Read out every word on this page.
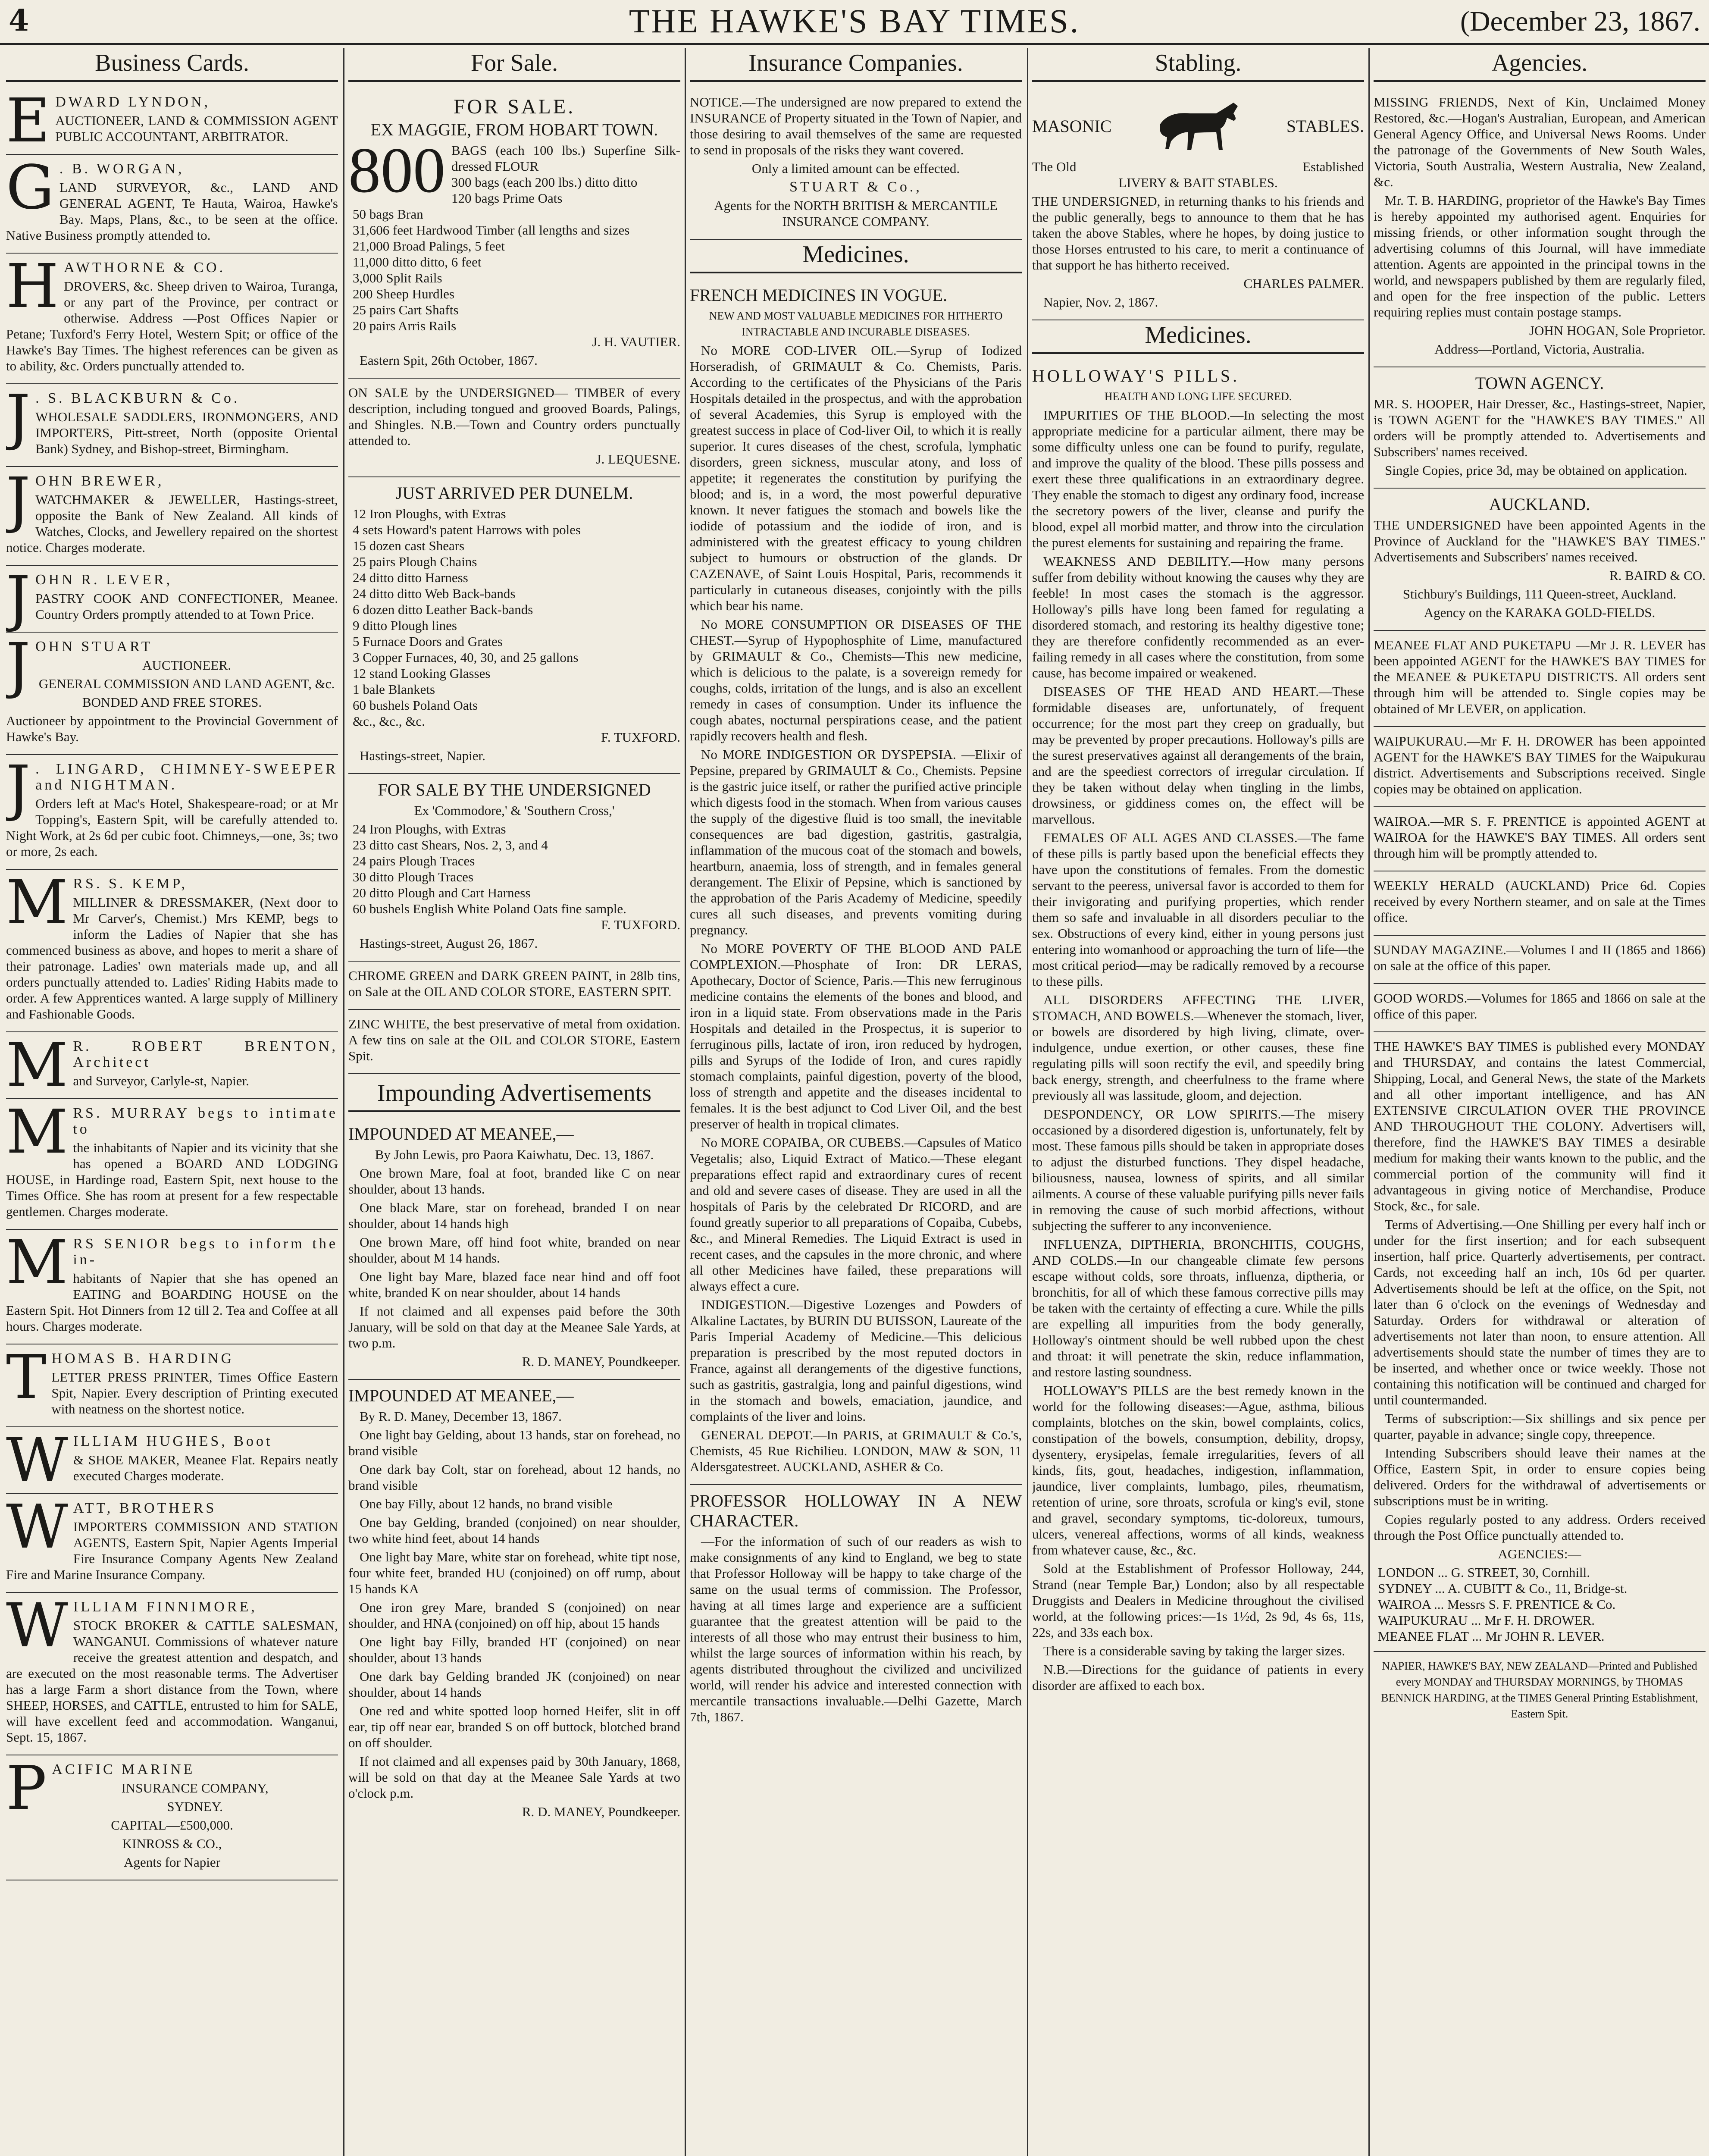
4	THE HAWKE'S BAY TIMES.	(December 23, 1867.
Business Cards.

EDWARD LYNDON,

AUCTIONEER, LAND & COMMISSION AGENT PUBLIC ACCOUNTANT, ARBITRATOR.

G . B. WORGAN,

LAND SURVEYOR, &c., LAND AND GENERAL AGENT, Te Hauta, Wairoa, Hawke's Bay. Maps, Plans, &c., to be seen at the office. Native Business promptly attended to.

HAWTHORNE & CO.

DROVERS, &c. Sheep driven to Wairoa, Turanga, or any part of the Province, per contract or otherwise. Address —Post Offices Napier or Petane; Tuxford's Ferry Hotel, Western Spit; or office of the Hawke's Bay Times. The highest references can be given as to ability, &c. Orders punctually attended to.

J . S. BLACKBURN & Co.

WHOLESALE SADDLERS, IRONMONGERS, AND IMPORTERS, Pitt-street, North (opposite Oriental Bank) Sydney, and Bishop-street, Birmingham.

JOHN BREWER,

WATCHMAKER & JEWELLER, Hastings-street, opposite the Bank of New Zealand. All kinds of Watches, Clocks, and Jewellery repaired on the shortest notice. Charges moderate.

JOHN R. LEVER,

PASTRY COOK AND CONFECTIONER, Meanee. Country Orders promptly attended to at Town Price.

JOHN STUART

AUCTIONEER.

GENERAL COMMISSION AND LAND AGENT, &c.

BONDED AND FREE STORES.

Auctioneer by appointment to the Provincial Government of Hawke's Bay.

J . LINGARD, CHIMNEY-SWEEPER and NIGHTMAN.

Orders left at Mac's Hotel, Shakespeare-road; or at Mr Topping's, Eastern Spit, will be carefully attended to. Night Work, at 2s 6d per cubic foot. Chimneys,—one, 3s; two or more, 2s each.

MRS. S. KEMP,

MILLINER & DRESSMAKER, (Next door to Mr Carver's, Chemist.) Mrs KEMP, begs to inform the Ladies of Napier that she has commenced business as above, and hopes to merit a share of their patronage. Ladies' own materials made up, and all orders punctually attended to. Ladies' Riding Habits made to order. A few Apprentices wanted. A large supply of Millinery and Fashionable Goods.

M R. ROBERT BRENTON, Architect

and Surveyor, Carlyle-st, Napier.

MRS. MURRAY begs to intimate to

the inhabitants of Napier and its vicinity that she has opened a BOARD AND LODGING HOUSE, in Hardinge road, Eastern Spit, next house to the Times Office. She has room at present for a few respectable gentlemen. Charges moderate.

MRS SENIOR begs to inform the in-

habitants of Napier that she has opened an EATING and BOARDING HOUSE on the Eastern Spit. Hot Dinners from 12 till 2. Tea and Coffee at all hours. Charges moderate.

THOMAS B. HARDING

LETTER PRESS PRINTER, Times Office Eastern Spit, Napier. Every description of Printing executed with neatness on the shortest notice.

WILLIAM HUGHES, Boot

& SHOE MAKER, Meanee Flat. Repairs neatly executed Charges moderate.

WATT, BROTHERS

IMPORTERS COMMISSION AND STATION AGENTS, Eastern Spit, Napier Agents Imperial Fire Insurance Company Agents New Zealand Fire and Marine Insurance Company.

WILLIAM FINNIMORE,

STOCK BROKER & CATTLE SALESMAN, WANGANUI. Commissions of whatever nature receive the greatest attention and despatch, and are executed on the most reasonable terms. The Advertiser has a large Farm a short distance from the Town, where SHEEP, HORSES, and CATTLE, entrusted to him for SALE, will have excellent feed and accommodation. Wanganui, Sept. 15, 1867.

PACIFIC MARINE

INSURANCE COMPANY,

SYDNEY.

CAPITAL—£500,000.

KINROSS & CO.,

Agents for Napier

For Sale.
FOR SALE.

EX MAGGIE, FROM HOBART TOWN.

800 BAGS (each 100 lbs.) Superfine Silk-dressed FLOUR
300 bags (each 200 lbs.) ditto ditto
120 bags Prime Oats
50 bags Bran
31,606 feet Hardwood Timber (all lengths and sizes
21,000 Broad Palings, 5 feet
11,000 ditto ditto, 6 feet
3,000 Split Rails
200 Sheep Hurdles
25 pairs Cart Shafts
20 pairs Arris Rails

J. H. VAUTIER.

Eastern Spit, 26th October, 1867.

ON SALE by the UNDERSIGNED— TIMBER of every description, including tongued and grooved Boards, Palings, and Shingles. N.B.—Town and Country orders punctually attended to.

J. LEQUESNE.

JUST ARRIVED PER DUNELM.

12 Iron Ploughs, with Extras
4 sets Howard's patent Harrows with poles
15 dozen cast Shears
25 pairs Plough Chains
24 ditto ditto Harness
24 ditto ditto Web Back-bands
6 dozen ditto Leather Back-bands
9 ditto Plough lines
5 Furnace Doors and Grates
3 Copper Furnaces, 40, 30, and 25 gallons
12 stand Looking Glasses
1 bale Blankets
60 bushels Poland Oats
&c., &c., &c.

F. TUXFORD.

Hastings-street, Napier.

FOR SALE BY THE UNDERSIGNED

Ex 'Commodore,' & 'Southern Cross,'

24 Iron Ploughs, with Extras
23 ditto cast Shears, Nos. 2, 3, and 4
24 pairs Plough Traces
30 ditto Plough Traces
20 ditto Plough and Cart Harness
60 bushels English White Poland Oats fine sample.

F. TUXFORD.

Hastings-street, August 26, 1867.

CHROME GREEN and DARK GREEN PAINT, in 28lb tins, on Sale at the OIL AND COLOR STORE, EASTERN SPIT.

ZINC WHITE, the best preservative of metal from oxidation. A few tins on sale at the OIL and COLOR STORE, Eastern Spit.

Impounding Advertisements

IMPOUNDED AT MEANEE,—

By John Lewis, pro Paora Kaiwhatu, Dec. 13, 1867.

One brown Mare, foal at foot, branded like C on near shoulder, about 13 hands.

One black Mare, star on forehead, branded I on near shoulder, about 14 hands high

One brown Mare, off hind foot white, branded on near shoulder, about M 14 hands.

One light bay Mare, blazed face near hind and off foot white, branded K on near shoulder, about 14 hands

If not claimed and all expenses paid before the 30th January, will be sold on that day at the Meanee Sale Yards, at two p.m.

R. D. MANEY, Poundkeeper.

IMPOUNDED AT MEANEE,—

By R. D. Maney, December 13, 1867.

One light bay Gelding, about 13 hands, star on forehead, no brand visible

One dark bay Colt, star on forehead, about 12 hands, no brand visible

One bay Filly, about 12 hands, no brand visible

One bay Gelding, branded (conjoined) on near shoulder, two white hind feet, about 14 hands

One light bay Mare, white star on forehead, white tipt nose, four white feet, branded HU (conjoined) on off rump, about 15 hands KA

One iron grey Mare, branded S (conjoined) on near shoulder, and HNA (conjoined) on off hip, about 15 hands

One light bay Filly, branded HT (conjoined) on near shoulder, about 13 hands

One dark bay Gelding branded JK (conjoined) on near shoulder, about 14 hands

One red and white spotted loop horned Heifer, slit in off ear, tip off near ear, branded S on off buttock, blotched brand on off shoulder.

If not claimed and all expenses paid by 30th January, 1868, will be sold on that day at the Meanee Sale Yards at two o'clock p.m.

R. D. MANEY, Poundkeeper.

Insurance Companies.

NOTICE.—The undersigned are now prepared to extend the INSURANCE of Property situated in the Town of Napier, and those desiring to avail themselves of the same are requested to send in proposals of the risks they want covered.

Only a limited amount can be effected.

STUART & Co.,

Agents for the NORTH BRITISH & MERCANTILE INSURANCE COMPANY.

Medicines.

FRENCH MEDICINES IN VOGUE.

NEW AND MOST VALUABLE MEDICINES FOR HITHERTO INTRACTABLE AND INCURABLE DISEASES.

No MORE COD-LIVER OIL.—Syrup of Iodized Horseradish, of GRIMAULT & Co. Chemists, Paris. According to the certificates of the Physicians of the Paris Hospitals detailed in the prospectus, and with the approbation of several Academies, this Syrup is employed with the greatest success in place of Cod-liver Oil, to which it is really superior. It cures diseases of the chest, scrofula, lymphatic disorders, green sickness, muscular atony, and loss of appetite; it regenerates the constitution by purifying the blood; and is, in a word, the most powerful depurative known. It never fatigues the stomach and bowels like the iodide of potassium and the iodide of iron, and is administered with the greatest efficacy to young children subject to humours or obstruction of the glands. Dr CAZENAVE, of Saint Louis Hospital, Paris, recommends it particularly in cutaneous diseases, conjointly with the pills which bear his name.

No MORE CONSUMPTION OR DISEASES OF THE CHEST.—Syrup of Hypophosphite of Lime, manufactured by GRIMAULT & Co., Chemists—This new medicine, which is delicious to the palate, is a sovereign remedy for coughs, colds, irritation of the lungs, and is also an excellent remedy in cases of consumption. Under its influence the cough abates, nocturnal perspirations cease, and the patient rapidly recovers health and flesh.

No MORE INDIGESTION OR DYSPEPSIA. —Elixir of Pepsine, prepared by GRIMAULT & Co., Chemists. Pepsine is the gastric juice itself, or rather the purified active principle which digests food in the stomach. When from various causes the supply of the digestive fluid is too small, the inevitable consequences are bad digestion, gastritis, gastralgia, inflammation of the mucous coat of the stomach and bowels, heartburn, anaemia, loss of strength, and in females general derangement. The Elixir of Pepsine, which is sanctioned by the approbation of the Paris Academy of Medicine, speedily cures all such diseases, and prevents vomiting during pregnancy.

No MORE POVERTY OF THE BLOOD AND PALE COMPLEXION.—Phosphate of Iron: DR LERAS, Apothecary, Doctor of Science, Paris.—This new ferruginous medicine contains the elements of the bones and blood, and iron in a liquid state. From observations made in the Paris Hospitals and detailed in the Prospectus, it is superior to ferruginous pills, lactate of iron, iron reduced by hydrogen, pills and Syrups of the Iodide of Iron, and cures rapidly stomach complaints, painful digestion, poverty of the blood, loss of strength and appetite and the diseases incidental to females. It is the best adjunct to Cod Liver Oil, and the best preserver of health in tropical climates.

No MORE COPAIBA, OR CUBEBS.—Capsules of Matico Vegetalis; also, Liquid Extract of Matico.—These elegant preparations effect rapid and extraordinary cures of recent and old and severe cases of disease. They are used in all the hospitals of Paris by the celebrated Dr RICORD, and are found greatly superior to all preparations of Copaiba, Cubebs, &c., and Mineral Remedies. The Liquid Extract is used in recent cases, and the capsules in the more chronic, and where all other Medicines have failed, these preparations will always effect a cure.

INDIGESTION.—Digestive Lozenges and Powders of Alkaline Lactates, by BURIN DU BUISSON, Laureate of the Paris Imperial Academy of Medicine.—This delicious preparation is prescribed by the most reputed doctors in France, against all derangements of the digestive functions, such as gastritis, gastralgia, long and painful digestions, wind in the stomach and bowels, emaciation, jaundice, and complaints of the liver and loins.

GENERAL DEPOT.—In PARIS, at GRIMAULT & Co.'s, Chemists, 45 Rue Richilieu. LONDON, MAW & SON, 11 Aldersgatestreet. AUCKLAND, ASHER & Co.

PROFESSOR HOLLOWAY IN A NEW CHARACTER.

—For the information of such of our readers as wish to make consignments of any kind to England, we beg to state that Professor Holloway will be happy to take charge of the same on the usual terms of commission. The Professor, having at all times large and experience are a sufficient guarantee that the greatest attention will be paid to the interests of all those who may entrust their business to him, whilst the large sources of information within his reach, by agents distributed throughout the civilized and uncivilized world, will render his advice and interested connection with mercantile transactions invaluable.—Delhi Gazette, March 7th, 1867.

Stabling.
MASONIC	STABLES.
The Old	Established

LIVERY & BAIT STABLES.

THE UNDERSIGNED, in returning thanks to his friends and the public generally, begs to announce to them that he has taken the above Stables, where he hopes, by doing justice to those Horses entrusted to his care, to merit a continuance of that support he has hitherto received.

CHARLES PALMER.

Napier, Nov. 2, 1867.

Medicines.

HOLLOWAY'S PILLS.

HEALTH AND LONG LIFE SECURED.

IMPURITIES OF THE BLOOD.—In selecting the most appropriate medicine for a particular ailment, there may be some difficulty unless one can be found to purify, regulate, and improve the quality of the blood. These pills possess and exert these three qualifications in an extraordinary degree. They enable the stomach to digest any ordinary food, increase the secretory powers of the liver, cleanse and purify the blood, expel all morbid matter, and throw into the circulation the purest elements for sustaining and repairing the frame.

WEAKNESS AND DEBILITY.—How many persons suffer from debility without knowing the causes why they are feeble! In most cases the stomach is the aggressor. Holloway's pills have long been famed for regulating a disordered stomach, and restoring its healthy digestive tone; they are therefore confidently recommended as an ever-failing remedy in all cases where the constitution, from some cause, has become impaired or weakened.

DISEASES OF THE HEAD AND HEART.—These formidable diseases are, unfortunately, of frequent occurrence; for the most part they creep on gradually, but may be prevented by proper precautions. Holloway's pills are the surest preservatives against all derangements of the brain, and are the speediest correctors of irregular circulation. If they be taken without delay when tingling in the limbs, drowsiness, or giddiness comes on, the effect will be marvellous.

FEMALES OF ALL AGES AND CLASSES.—The fame of these pills is partly based upon the beneficial effects they have upon the constitutions of females. From the domestic servant to the peeress, universal favor is accorded to them for their invigorating and purifying properties, which render them so safe and invaluable in all disorders peculiar to the sex. Obstructions of every kind, either in young persons just entering into womanhood or approaching the turn of life—the most critical period—may be radically removed by a recourse to these pills.

ALL DISORDERS AFFECTING THE LIVER, STOMACH, AND BOWELS.—Whenever the stomach, liver, or bowels are disordered by high living, climate, over-indulgence, undue exertion, or other causes, these fine regulating pills will soon rectify the evil, and speedily bring back energy, strength, and cheerfulness to the frame where previously all was lassitude, gloom, and dejection.

DESPONDENCY, OR LOW SPIRITS.—The misery occasioned by a disordered digestion is, unfortunately, felt by most. These famous pills should be taken in appropriate doses to adjust the disturbed functions. They dispel headache, biliousness, nausea, lowness of spirits, and all similar ailments. A course of these valuable purifying pills never fails in removing the cause of such morbid affections, without subjecting the sufferer to any inconvenience.

INFLUENZA, DIPTHERIA, BRONCHITIS, COUGHS, AND COLDS.—In our changeable climate few persons escape without colds, sore throats, influenza, diptheria, or bronchitis, for all of which these famous corrective pills may be taken with the certainty of effecting a cure. While the pills are expelling all impurities from the body generally, Holloway's ointment should be well rubbed upon the chest and throat: it will penetrate the skin, reduce inflammation, and restore lasting soundness.

HOLLOWAY'S PILLS are the best remedy known in the world for the following diseases:—Ague, asthma, bilious complaints, blotches on the skin, bowel complaints, colics, constipation of the bowels, consumption, debility, dropsy, dysentery, erysipelas, female irregularities, fevers of all kinds, fits, gout, headaches, indigestion, inflammation, jaundice, liver complaints, lumbago, piles, rheumatism, retention of urine, sore throats, scrofula or king's evil, stone and gravel, secondary symptoms, tic-doloreux, tumours, ulcers, venereal affections, worms of all kinds, weakness from whatever cause, &c., &c.

Sold at the Establishment of Professor Holloway, 244, Strand (near Temple Bar,) London; also by all respectable Druggists and Dealers in Medicine throughout the civilised world, at the following prices:—1s 1½d, 2s 9d, 4s 6s, 11s, 22s, and 33s each box.

There is a considerable saving by taking the larger sizes.

N.B.—Directions for the guidance of patients in every disorder are affixed to each box.

Agencies.

MISSING FRIENDS, Next of Kin, Unclaimed Money Restored, &c.—Hogan's Australian, European, and American General Agency Office, and Universal News Rooms. Under the patronage of the Governments of New South Wales, Victoria, South Australia, Western Australia, New Zealand, &c.

Mr. T. B. HARDING, proprietor of the Hawke's Bay Times is hereby appointed my authorised agent. Enquiries for missing friends, or other information sought through the advertising columns of this Journal, will have immediate attention. Agents are appointed in the principal towns in the world, and newspapers published by them are regularly filed, and open for the free inspection of the public. Letters requiring replies must contain postage stamps.

JOHN HOGAN, Sole Proprietor.

Address—Portland, Victoria, Australia.

TOWN AGENCY.

MR. S. HOOPER, Hair Dresser, &c., Hastings-street, Napier, is TOWN AGENT for the "HAWKE'S BAY TIMES." All orders will be promptly attended to. Advertisements and Subscribers' names received.

Single Copies, price 3d, may be obtained on application.

AUCKLAND.

THE UNDERSIGNED have been appointed Agents in the Province of Auckland for the "HAWKE'S BAY TIMES." Advertisements and Subscribers' names received.

R. BAIRD & CO.

Stichbury's Buildings, 111 Queen-street, Auckland.

Agency on the KARAKA GOLD-FIELDS.

MEANEE FLAT AND PUKETAPU —Mr J. R. LEVER has been appointed AGENT for the HAWKE'S BAY TIMES for the MEANEE & PUKETAPU DISTRICTS. All orders sent through him will be attended to. Single copies may be obtained of Mr LEVER, on application.

WAIPUKURAU.—Mr F. H. DROWER has been appointed AGENT for the HAWKE'S BAY TIMES for the Waipukurau district. Advertisements and Subscriptions received. Single copies may be obtained on application.

WAIROA.—MR S. F. PRENTICE is appointed AGENT at WAIROA for the HAWKE'S BAY TIMES. All orders sent through him will be promptly attended to.

WEEKLY HERALD (AUCKLAND) Price 6d. Copies received by every Northern steamer, and on sale at the Times office.

SUNDAY MAGAZINE.—Volumes I and II (1865 and 1866) on sale at the office of this paper.

GOOD WORDS.—Volumes for 1865 and 1866 on sale at the office of this paper.

THE HAWKE'S BAY TIMES is published every MONDAY and THURSDAY, and contains the latest Commercial, Shipping, Local, and General News, the state of the Markets and all other important intelligence, and has AN EXTENSIVE CIRCULATION OVER THE PROVINCE AND THROUGHOUT THE COLONY. Advertisers will, therefore, find the HAWKE'S BAY TIMES a desirable medium for making their wants known to the public, and the commercial portion of the community will find it advantageous in giving notice of Merchandise, Produce Stock, &c., for sale.

Terms of Advertising.—One Shilling per every half inch or under for the first insertion; and for each subsequent insertion, half price. Quarterly advertisements, per contract. Cards, not exceeding half an inch, 10s 6d per quarter. Advertisements should be left at the office, on the Spit, not later than 6 o'clock on the evenings of Wednesday and Saturday. Orders for withdrawal or alteration of advertisements not later than noon, to ensure attention. All advertisements should state the number of times they are to be inserted, and whether once or twice weekly. Those not containing this notification will be continued and charged for until countermanded.

Terms of subscription:—Six shillings and six pence per quarter, payable in advance; single copy, threepence.

Intending Subscribers should leave their names at the Office, Eastern Spit, in order to ensure copies being delivered. Orders for the withdrawal of advertisements or subscriptions must be in writing.

Copies regularly posted to any address. Orders received through the Post Office punctually attended to.

AGENCIES:—

LONDON ... G. STREET, 30, Cornhill.
SYDNEY ... A. CUBITT & Co., 11, Bridge-st.
WAIROA ... Messrs S. F. PRENTICE & Co.
WAIPUKURAU ... Mr F. H. DROWER.
MEANEE FLAT ... Mr JOHN R. LEVER.

NAPIER, HAWKE'S BAY, NEW ZEALAND—Printed and Published every MONDAY and THURSDAY MORNINGS, by THOMAS BENNICK HARDING, at the TIMES General Printing Establishment, Eastern Spit.
